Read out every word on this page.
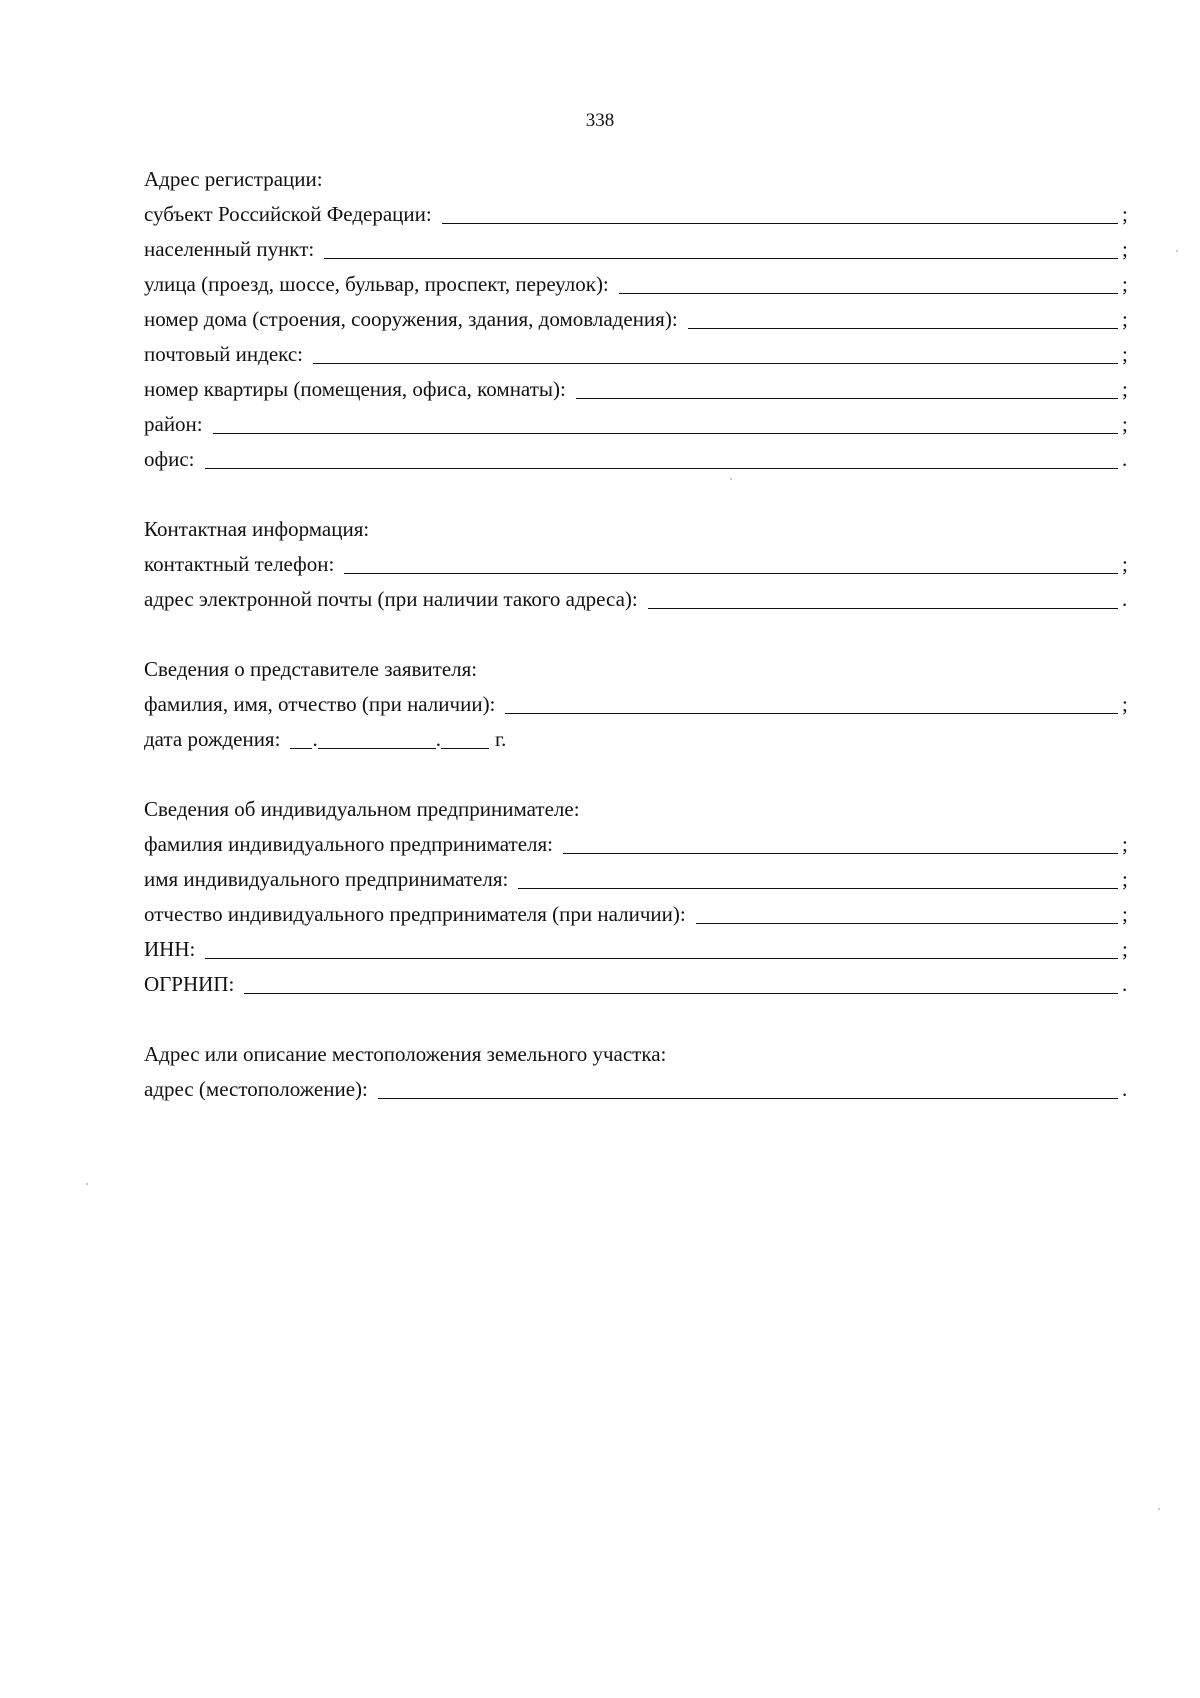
338
Адрес регистрации:
субъект Российской Федерации:	;
населенный пункт:	;
улица (проезд, шоссе, бульвар, проспект, переулок):	;
номер дома (строения, сооружения, здания, домовладения):	;
почтовый индекс:	;
номер квартиры (помещения, офиса, комнаты):	;
район:	;
офис:	.
Контактная информация:
контактный телефон:	;
адрес электронной почты (при наличии такого адреса):	.
Сведения о представителе заявителя:
фамилия, имя, отчество (при наличии):	;
дата рождения:	.	.	г.
Сведения об индивидуальном предпринимателе:
фамилия индивидуального предпринимателя:	;
имя индивидуального предпринимателя:	;
отчество индивидуального предпринимателя (при наличии):	;
ИНН:	;
ОГРНИП:	.
Адрес или описание местоположения земельного участка:
адрес (местоположение):	.
